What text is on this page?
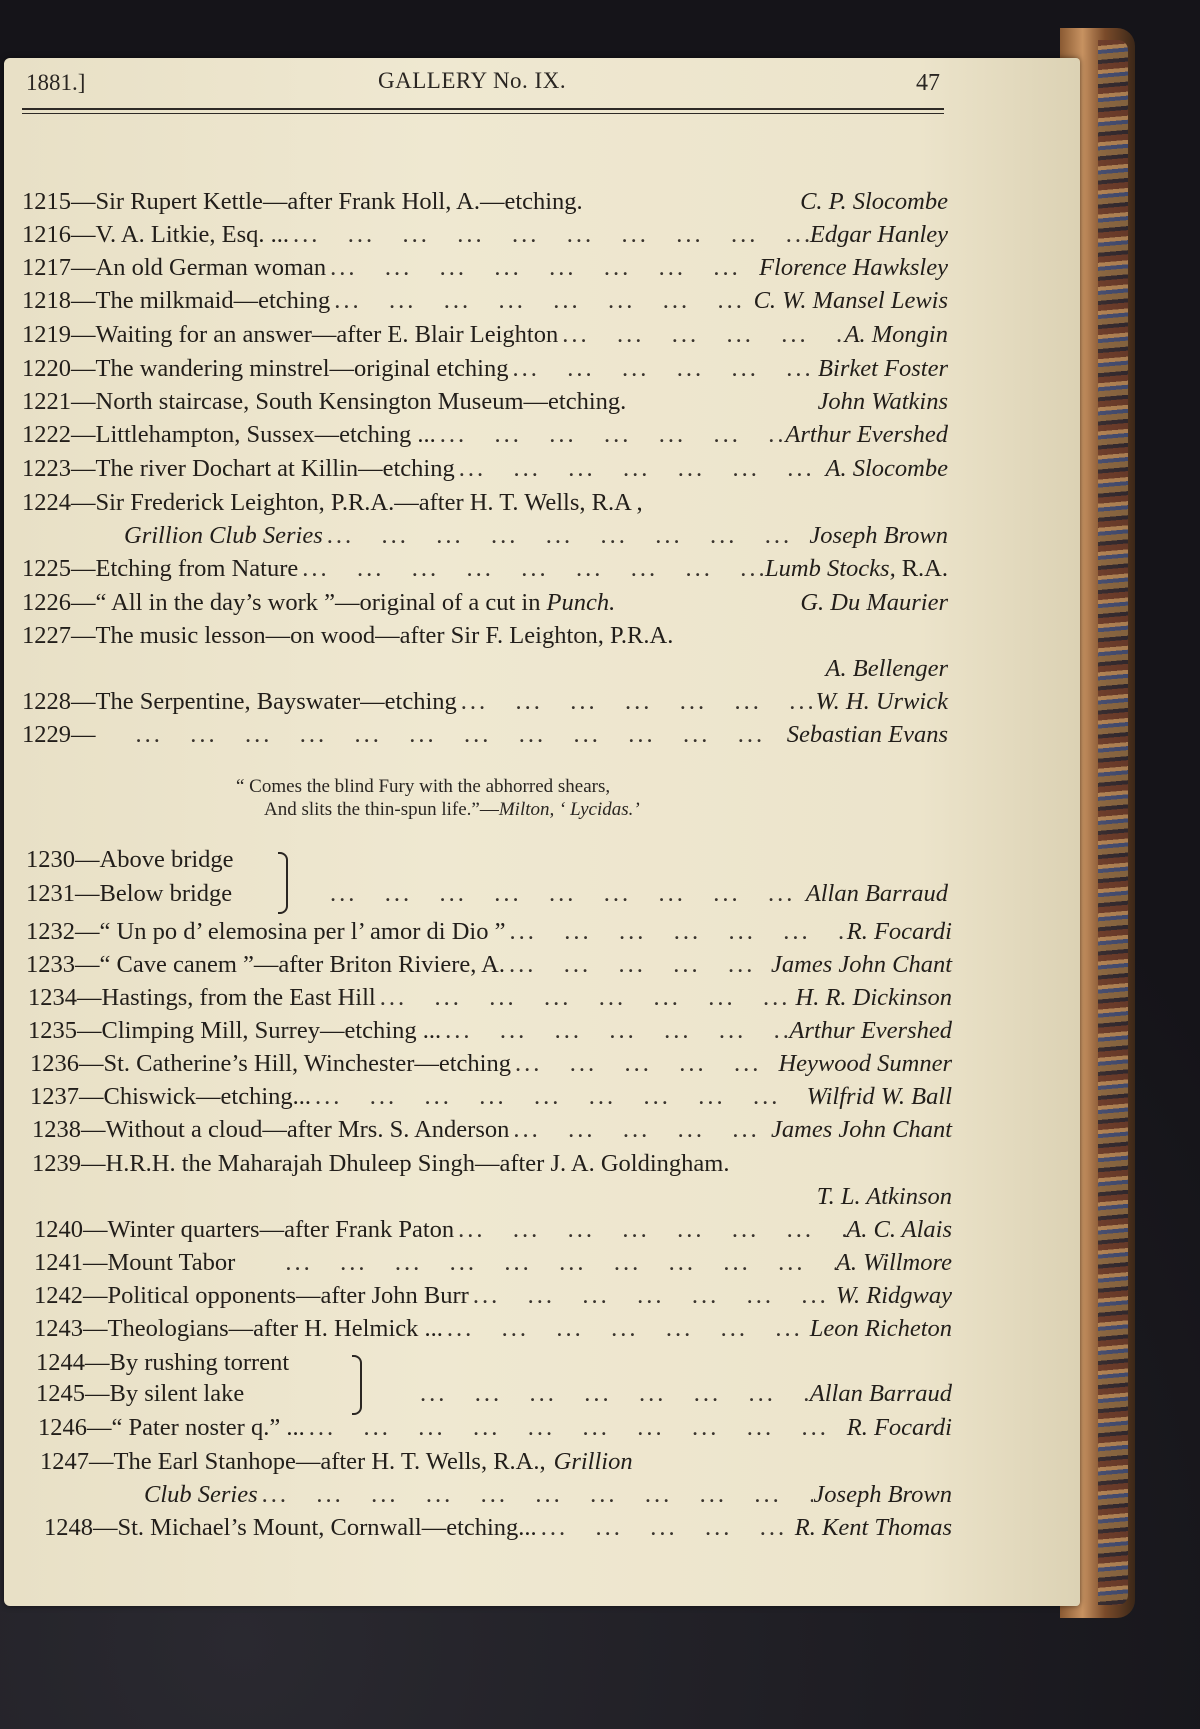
1881.]	GALLERY No. IX.	47
1215—Sir Rupert Kettle—after Frank Holl, A.—etching.	C. P. Slocombe
1216—V. A. Litkie, Esq. ... ...	Edgar Hanley
1217—An old German woman ...	Florence Hawksley
1218—The milkmaid—etching ...	C. W. Mansel Lewis
1219—Waiting for an answer—after E. Blair Leighton ...	A. Mongin
1220—The wandering minstrel—original etching ...	Birket Foster
1221—North staircase, South Kensington Museum—etching.	John Watkins
1222—Littlehampton, Sussex—etching ... ...	Arthur Evershed
1223—The river Dochart at Killin—etching ...	A. Slocombe
1224—Sir Frederick Leighton, P.R.A.—after H. T. Wells, R.A ,
Grillion Club Series ...	Joseph Brown
1225—Etching from Nature ...	Lumb Stocks, R.A.
1226—“ All in the day’s work ”—original of a cut in Punch.	G. Du Maurier
1227—The music lesson—on wood—after Sir F. Leighton, P.R.A.
A. Bellenger
1228—The Serpentine, Bayswater—etching ...	W. H. Urwick
1229— ...	Sebastian Evans
“ Comes the blind Fury with the abhorred shears,
And slits the thin-spun life.”—Milton, ‘ Lycidas.’
1230—Above bridge
1231—Below bridge ...	Allan Barraud
1232—“ Un po d’ elemosina per l’ amor di Dio ” ...	R. Focardi
1233—“ Cave canem ”—after Briton Riviere, A. ...	James John Chant
1234—Hastings, from the East Hill ...	H. R. Dickinson
1235—Climping Mill, Surrey—etching ... ...	Arthur Evershed
1236—St. Catherine’s Hill, Winchester—etching ...	Heywood Sumner
1237—Chiswick—etching... ...	Wilfrid W. Ball
1238—Without a cloud—after Mrs. S. Anderson ...	James John Chant
1239—H.R.H. the Maharajah Dhuleep Singh—after J. A. Goldingham.
T. L. Atkinson
1240—Winter quarters—after Frank Paton ...	A. C. Alais
1241—Mount Tabor ...	A. Willmore
1242—Political opponents—after John Burr ...	W. Ridgway
1243—Theologians—after H. Helmick ... ...	Leon Richeton
1244—By rushing torrent
1245—By silent lake ...	Allan Barraud
1246—“ Pater noster q.” ... ...	R. Focardi
1247—The Earl Stanhope—after H. T. Wells, R.A., Grillion
Club Series ...	Joseph Brown
1248—St. Michael’s Mount, Cornwall—etching... ...	R. Kent Thomas
